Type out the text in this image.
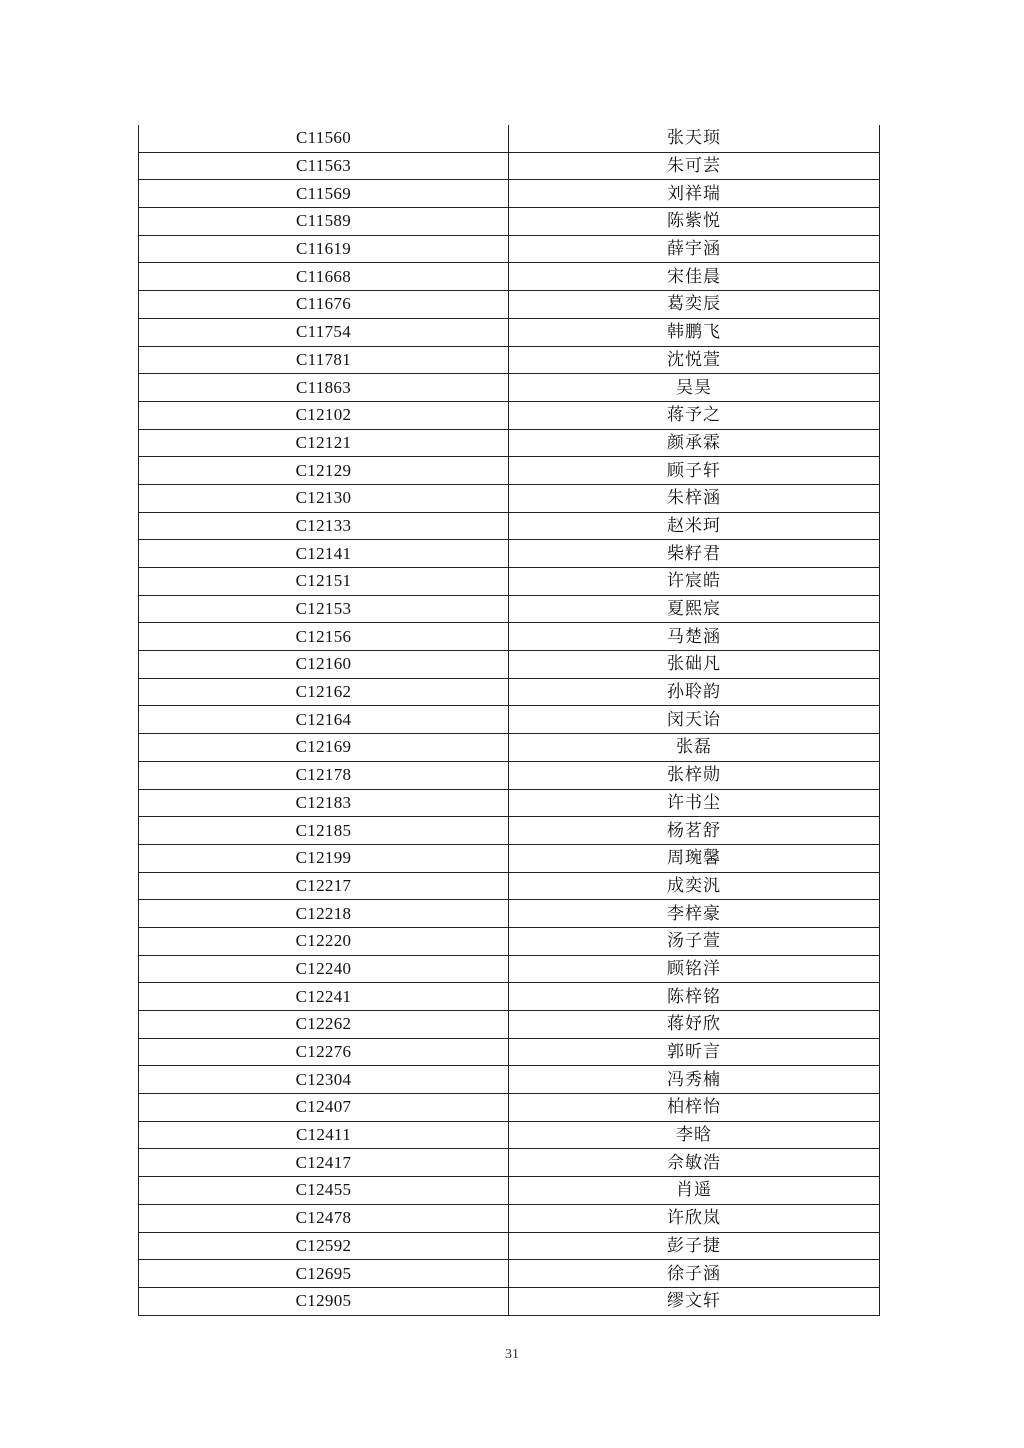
C11560	张天顼
C11563	朱可芸
C11569	刘祥瑞
C11589	陈紫悦
C11619	薛宇涵
C11668	宋佳晨
C11676	葛奕辰
C11754	韩鹏飞
C11781	沈悦萱
C11863	吴昊
C12102	蒋予之
C12121	颜承霖
C12129	顾子轩
C12130	朱梓涵
C12133	赵米珂
C12141	柴籽君
C12151	许宸皓
C12153	夏熙宸
C12156	马楚涵
C12160	张础凡
C12162	孙聆韵
C12164	闵天诒
C12169	张磊
C12178	张梓勋
C12183	许书尘
C12185	杨茗舒
C12199	周琬馨
C12217	成奕汎
C12218	李梓豪
C12220	汤子萱
C12240	顾铭洋
C12241	陈梓铭
C12262	蒋妤欣
C12276	郭昕言
C12304	冯秀楠
C12407	柏梓怡
C12411	李晗
C12417	佘敏浩
C12455	肖遥
C12478	许欣岚
C12592	彭子捷
C12695	徐子涵
C12905	缪文轩
31
